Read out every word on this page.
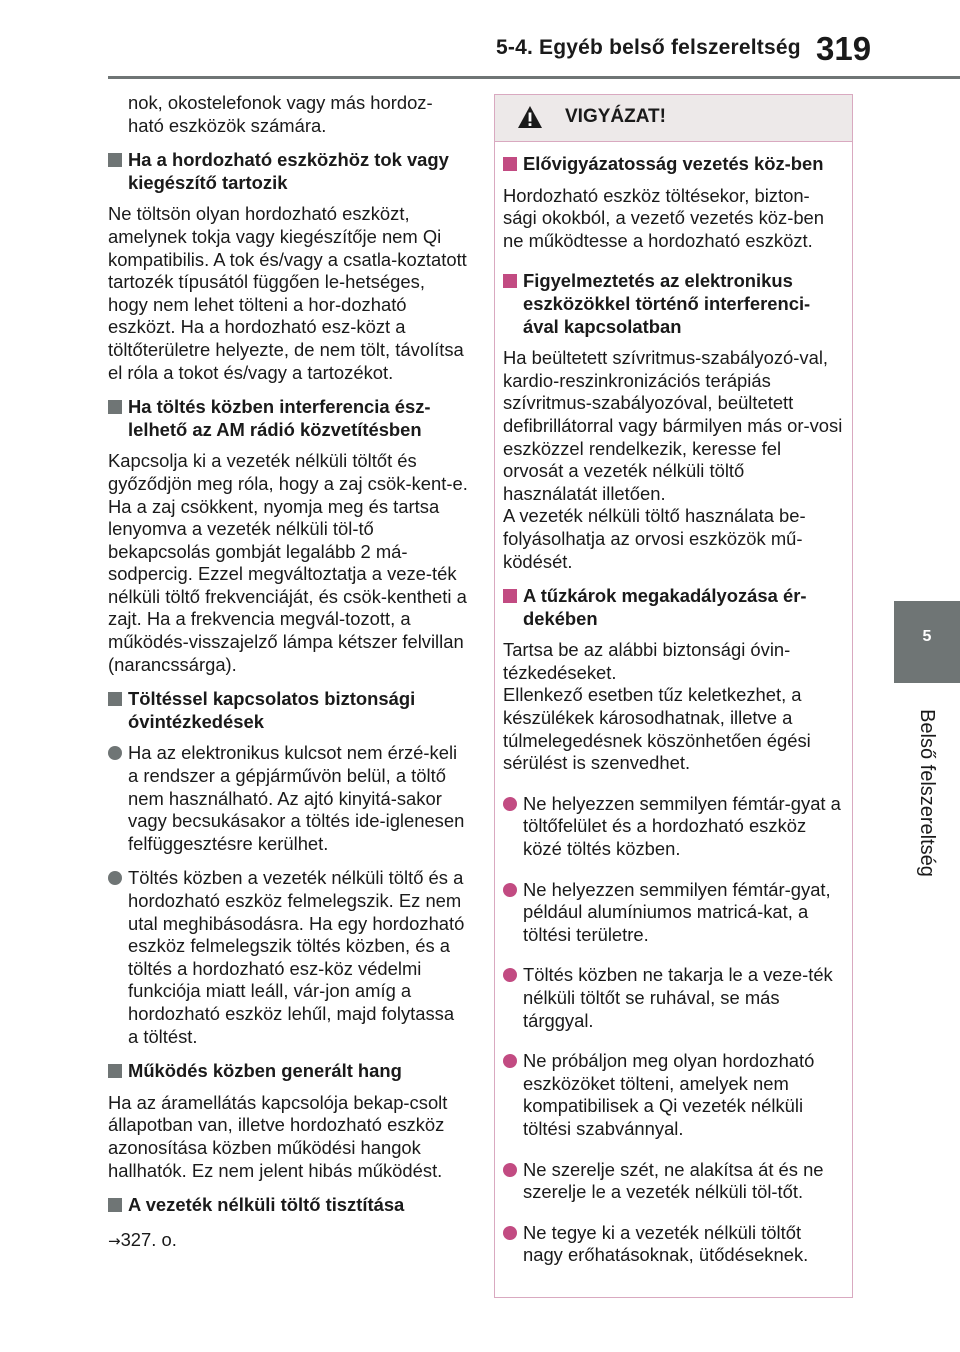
5-4. Egyéb belső felszereltség 319
5
Belső felszereltség

nok, okostelefonok vagy más hordoz-ható eszközök számára.

Ha a hordozható eszközhöz tok vagy kiegészítő tartozik

Ne töltsön olyan hordozható eszközt, amelynek tokja vagy kiegészítője nem Qi kompatibilis. A tok és/vagy a csatla-koztatott tartozék típusától függően le-hetséges, hogy nem lehet tölteni a hor-dozható eszközt. Ha a hordozható esz-közt a töltőterületre helyezte, de nem tölt, távolítsa el róla a tokot és/vagy a tartozékot.

Ha töltés közben interferencia ész-lelhető az AM rádió közvetítésben

Kapcsolja ki a vezeték nélküli töltőt és győződjön meg róla, hogy a zaj csök-kent-e. Ha a zaj csökkent, nyomja meg és tartsa lenyomva a vezeték nélküli töl-tő bekapcsolás gombját legalább 2 má-sodpercig. Ezzel megváltoztatja a veze-ték nélküli töltő frekvenciáját, és csök-kentheti a zajt. Ha a frekvencia megvál-tozott, a működés-visszajelző lámpa kétszer felvillan (narancssárga).

Töltéssel kapcsolatos biztonsági óvintézkedések

Ha az elektronikus kulcsot nem érzé-keli a rendszer a gépjárművön belül, a töltő nem használható. Az ajtó kinyitá-sakor vagy becsukásakor a töltés ide-iglenesen felfüggesztésre kerülhet.

Töltés közben a vezeték nélküli töltő és a hordozható eszköz felmelegszik. Ez nem utal meghibásodásra. Ha egy hordozható eszköz felmelegszik töltés közben, és a töltés a hordozható esz-köz védelmi funkciója miatt leáll, vár-jon amíg a hordozható eszköz lehűl, majd folytassa a töltést.

Működés közben generált hang

Ha az áramellátás kapcsolója bekap-csolt állapotban van, illetve hordozható eszköz azonosítása közben működési hangok hallhatók. Ez nem jelent hibás működést.

A vezeték nélküli töltő tisztítása

→327. o.

VIGYÁZAT!

Elővigyázatosság vezetés köz-ben

Hordozható eszköz töltésekor, bizton-sági okokból, a vezető vezetés köz-ben ne működtesse a hordozható eszközt.

Figyelmeztetés az elektronikus eszközökkel történő interferenci-ával kapcsolatban

Ha beültetett szívritmus-szabályozó-val, kardio-reszinkronizációs terápiás szívritmus-szabályozóval, beültetett defibrillátorral vagy bármilyen más or-vosi eszközzel rendelkezik, keresse fel orvosát a vezeték nélküli töltő használatát illetően.

A vezeték nélküli töltő használata be-folyásolhatja az orvosi eszközök mű-ködését.

A tűzkárok megakadályozása ér-dekében

Tartsa be az alábbi biztonsági óvin-tézkedéseket.

Ellenkező esetben tűz keletkezhet, a készülékek károsodhatnak, illetve a túlmelegedésnek köszönhetően égési sérülést is szenvedhet.

Ne helyezzen semmilyen fémtár-gyat a töltőfelület és a hordozható eszköz közé töltés közben.

Ne helyezzen semmilyen fémtár-gyat, például alumíniumos matricá-kat, a töltési területre.

Töltés közben ne takarja le a veze-ték nélküli töltőt se ruhával, se más tárggyal.

Ne próbáljon meg olyan hordozható eszközöket tölteni, amelyek nem kompatibilisek a Qi vezeték nélküli töltési szabvánnyal.

Ne szerelje szét, ne alakítsa át és ne szerelje le a vezeték nélküli töl-tőt.

Ne tegye ki a vezeték nélküli töltőt nagy erőhatásoknak, ütődéseknek.
